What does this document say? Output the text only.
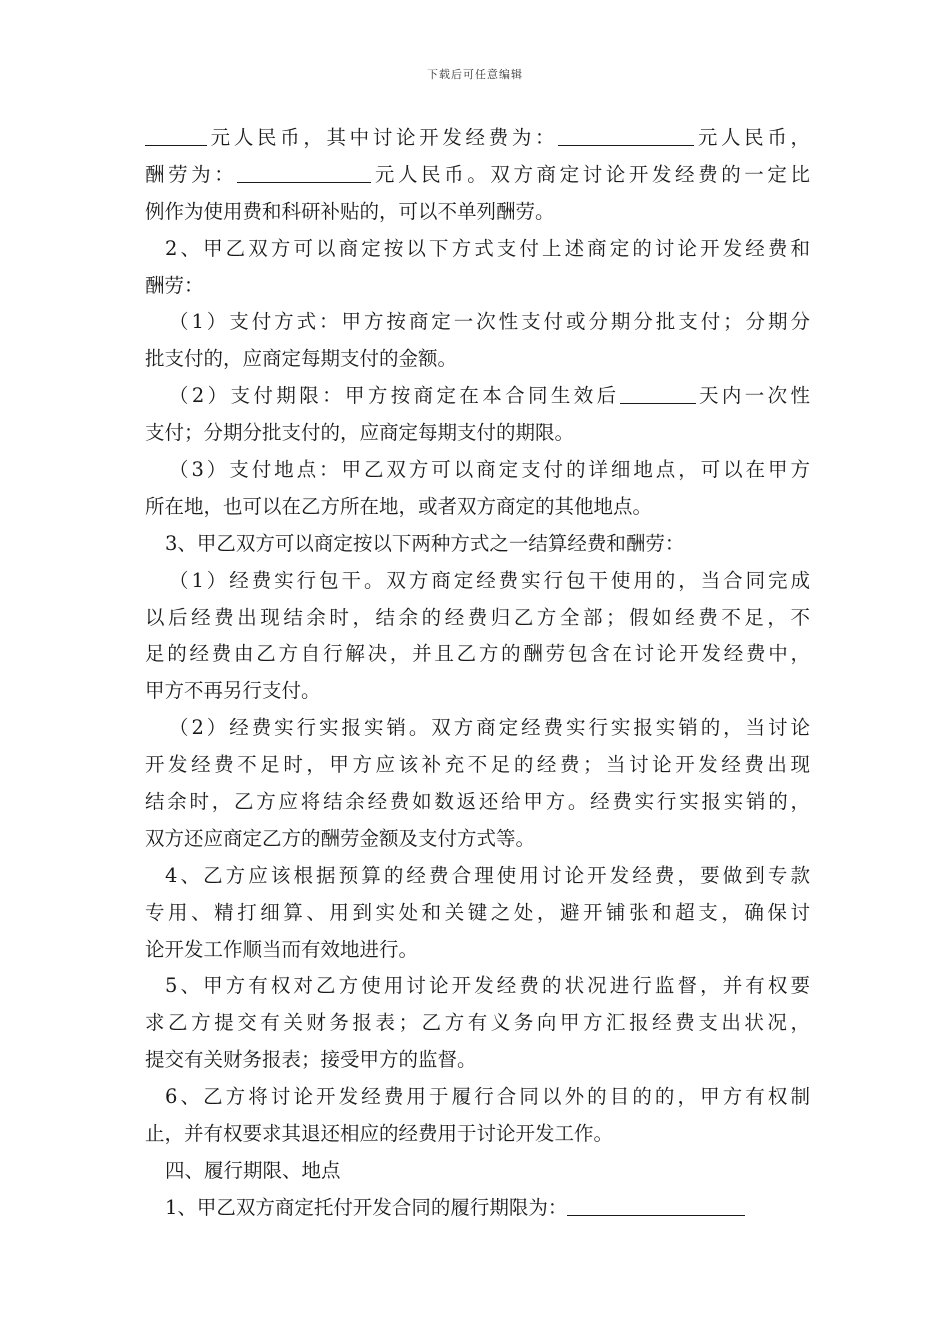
下载后可任意编辑
元人民币，其中讨论开发经费为：	元人民币，
酬劳为：	元人民币。双方商定讨论开发经费的一定比
例作为使用费和科研补贴的，可以不单列酬劳。
2、甲乙双方可以商定按以下方式支付上述商定的讨论开发经费和
酬劳：
（1）支付方式：甲方按商定一次性支付或分期分批支付；分期分
批支付的，应商定每期支付的金额。
（2）支付期限：甲方按商定在本合同生效后	天内一次性
支付；分期分批支付的，应商定每期支付的期限。
（3）支付地点：甲乙双方可以商定支付的详细地点，可以在甲方
所在地，也可以在乙方所在地，或者双方商定的其他地点。
3、甲乙双方可以商定按以下两种方式之一结算经费和酬劳：
（1）经费实行包干。双方商定经费实行包干使用的，当合同完成
以后经费出现结余时，结余的经费归乙方全部；假如经费不足，不
足的经费由乙方自行解决，并且乙方的酬劳包含在讨论开发经费中，
甲方不再另行支付。
（2）经费实行实报实销。双方商定经费实行实报实销的，当讨论
开发经费不足时，甲方应该补充不足的经费；当讨论开发经费出现
结余时，乙方应将结余经费如数返还给甲方。经费实行实报实销的，
双方还应商定乙方的酬劳金额及支付方式等。
4、乙方应该根据预算的经费合理使用讨论开发经费，要做到专款
专用、精打细算、用到实处和关键之处，避开铺张和超支，确保讨
论开发工作顺当而有效地进行。
5、甲方有权对乙方使用讨论开发经费的状况进行监督，并有权要
求乙方提交有关财务报表；乙方有义务向甲方汇报经费支出状况，
提交有关财务报表；接受甲方的监督。
6、乙方将讨论开发经费用于履行合同以外的目的的，甲方有权制
止，并有权要求其退还相应的经费用于讨论开发工作。
四、履行期限、地点
1、甲乙双方商定托付开发合同的履行期限为：
